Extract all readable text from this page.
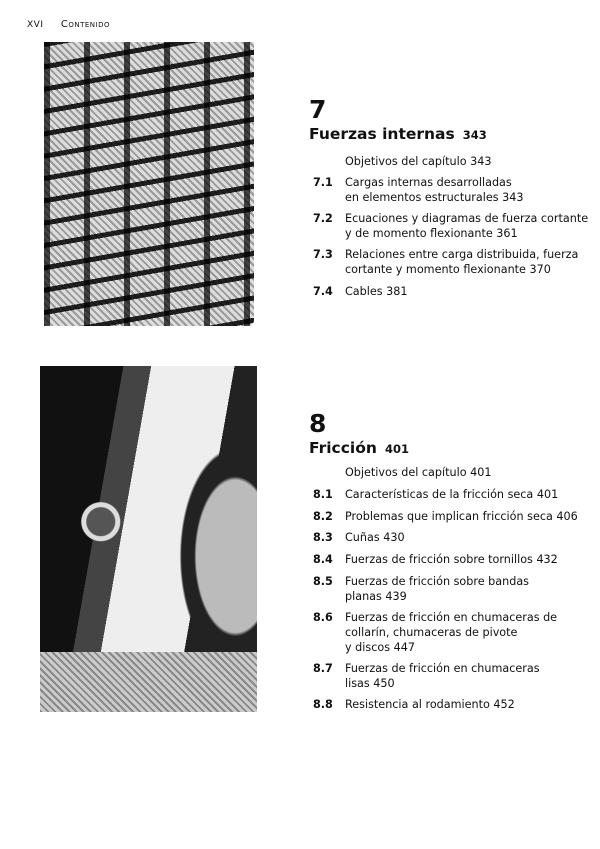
XVI Contenido
7
Fuerzas internas 343
Objetivos del capítulo 343
7.1 Cargas internas desarrolladas
en elementos estructurales 343
7.2 Ecuaciones y diagramas de fuerza cortante
y de momento flexionante 361
7.3 Relaciones entre carga distribuida, fuerza
cortante y momento flexionante 370
7.4 Cables 381
8
Fricción 401
Objetivos del capítulo 401
8.1 Características de la fricción seca 401
8.2 Problemas que implican fricción seca 406
8.3 Cuñas 430
8.4 Fuerzas de fricción sobre tornillos 432
8.5 Fuerzas de fricción sobre bandas
planas 439
8.6 Fuerzas de fricción en chumaceras de
collarín, chumaceras de pivote
y discos 447
8.7 Fuerzas de fricción en chumaceras
lisas 450
8.8 Resistencia al rodamiento 452
